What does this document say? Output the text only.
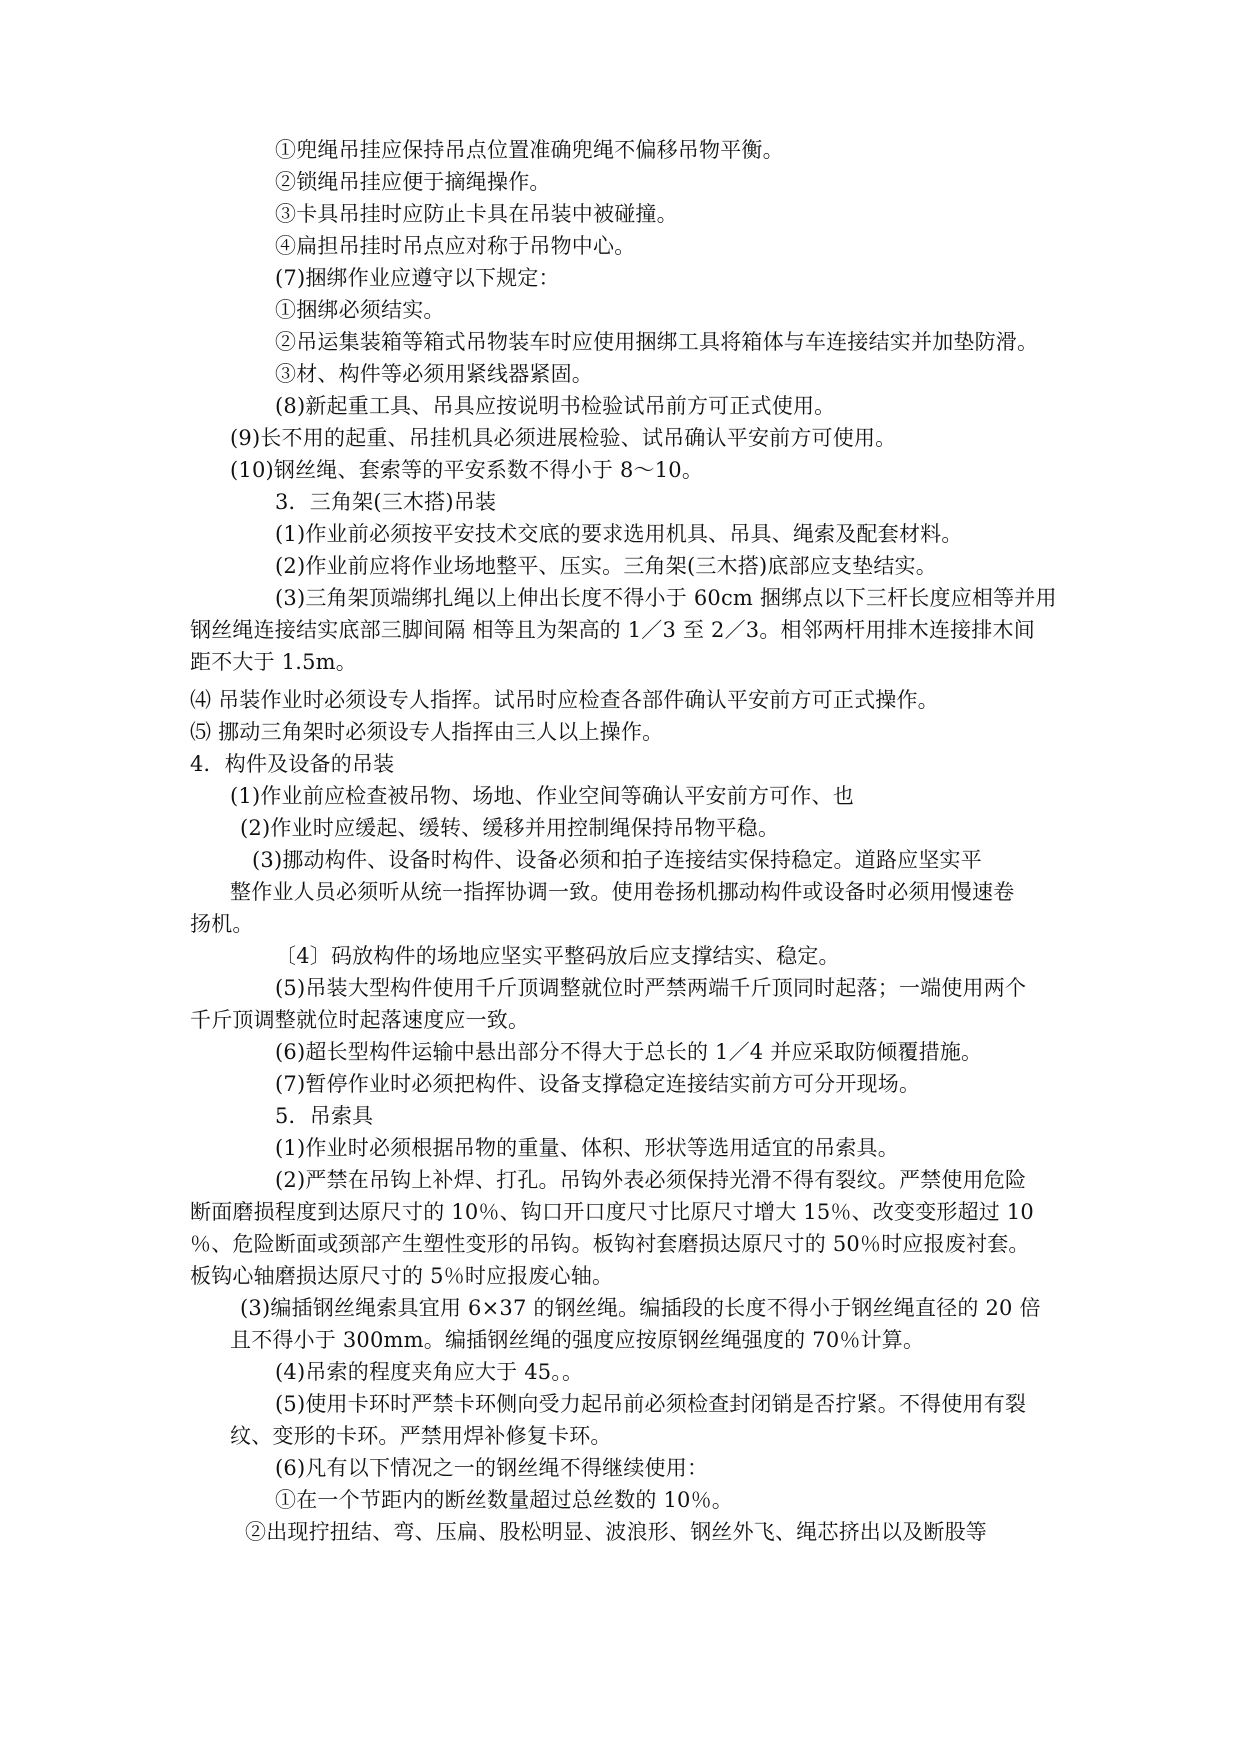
①兜绳吊挂应保持吊点位置准确兜绳不偏移吊物平衡。
②锁绳吊挂应便于摘绳操作。
③卡具吊挂时应防止卡具在吊装中被碰撞。
④扁担吊挂时吊点应对称于吊物中心。
(7)捆绑作业应遵守以下规定：
①捆绑必须结实。
②吊运集装箱等箱式吊物装车时应使用捆绑工具将箱体与车连接结实并加垫防滑。
③材、构件等必须用紧线器紧固。
(8)新起重工具、吊具应按说明书检验试吊前方可正式使用。
(9)长不用的起重、吊挂机具必须进展检验、试吊确认平安前方可使用。
(10)钢丝绳、套索等的平安系数不得小于 8～10。
3．三角架(三木搭)吊装
(1)作业前必须按平安技术交底的要求选用机具、吊具、绳索及配套材料。
(2)作业前应将作业场地整平、压实。三角架(三木搭)底部应支垫结实。
(3)三角架顶端绑扎绳以上伸出长度不得小于 60cm 捆绑点以下三杆长度应相等并用
钢丝绳连接结实底部三脚间隔 相等且为架高的 1／3 至 2／3。相邻两杆用排木连接排木间
距不大于 1.5m。
⑷ 吊装作业时必须设专人指挥。试吊时应检查各部件确认平安前方可正式操作。
⑸ 挪动三角架时必须设专人指挥由三人以上操作。
4．构件及设备的吊装
(1)作业前应检查被吊物、场地、作业空间等确认平安前方可作、也
(2)作业时应缓起、缓转、缓移并用控制绳保持吊物平稳。
(3)挪动构件、设备时构件、设备必须和拍子连接结实保持稳定。道路应坚实平
整作业人员必须听从统一指挥协调一致。使用卷扬机挪动构件或设备时必须用慢速卷
扬机。
〔4〕码放构件的场地应坚实平整码放后应支撑结实、稳定。
(5)吊装大型构件使用千斤顶调整就位时严禁两端千斤顶同时起落；一端使用两个
千斤顶调整就位时起落速度应一致。
(6)超长型构件运输中悬出部分不得大于总长的 1／4 并应采取防倾覆措施。
(7)暂停作业时必须把构件、设备支撑稳定连接结实前方可分开现场。
5．吊索具
(1)作业时必须根据吊物的重量、体积、形状等选用适宜的吊索具。
(2)严禁在吊钩上补焊、打孔。吊钩外表必须保持光滑不得有裂纹。严禁使用危险
断面磨损程度到达原尺寸的 10％、钩口开口度尺寸比原尺寸增大 15％、改变变形超过 10
％、危险断面或颈部产生塑性变形的吊钩。板钩衬套磨损达原尺寸的 50％时应报废衬套。
板钩心轴磨损达原尺寸的 5％时应报废心轴。
(3)编插钢丝绳索具宜用 6×37 的钢丝绳。编插段的长度不得小于钢丝绳直径的 20 倍
且不得小于 300mm。编插钢丝绳的强度应按原钢丝绳强度的 70％计算。
(4)吊索的程度夹角应大于 45。。
(5)使用卡环时严禁卡环侧向受力起吊前必须检查封闭销是否拧紧。不得使用有裂
纹、变形的卡环。严禁用焊补修复卡环。
(6)凡有以下情况之一的钢丝绳不得继续使用：
①在一个节距内的断丝数量超过总丝数的 10％。
②出现拧扭结、弯、压扁、股松明显、波浪形、钢丝外飞、绳芯挤出以及断股等
